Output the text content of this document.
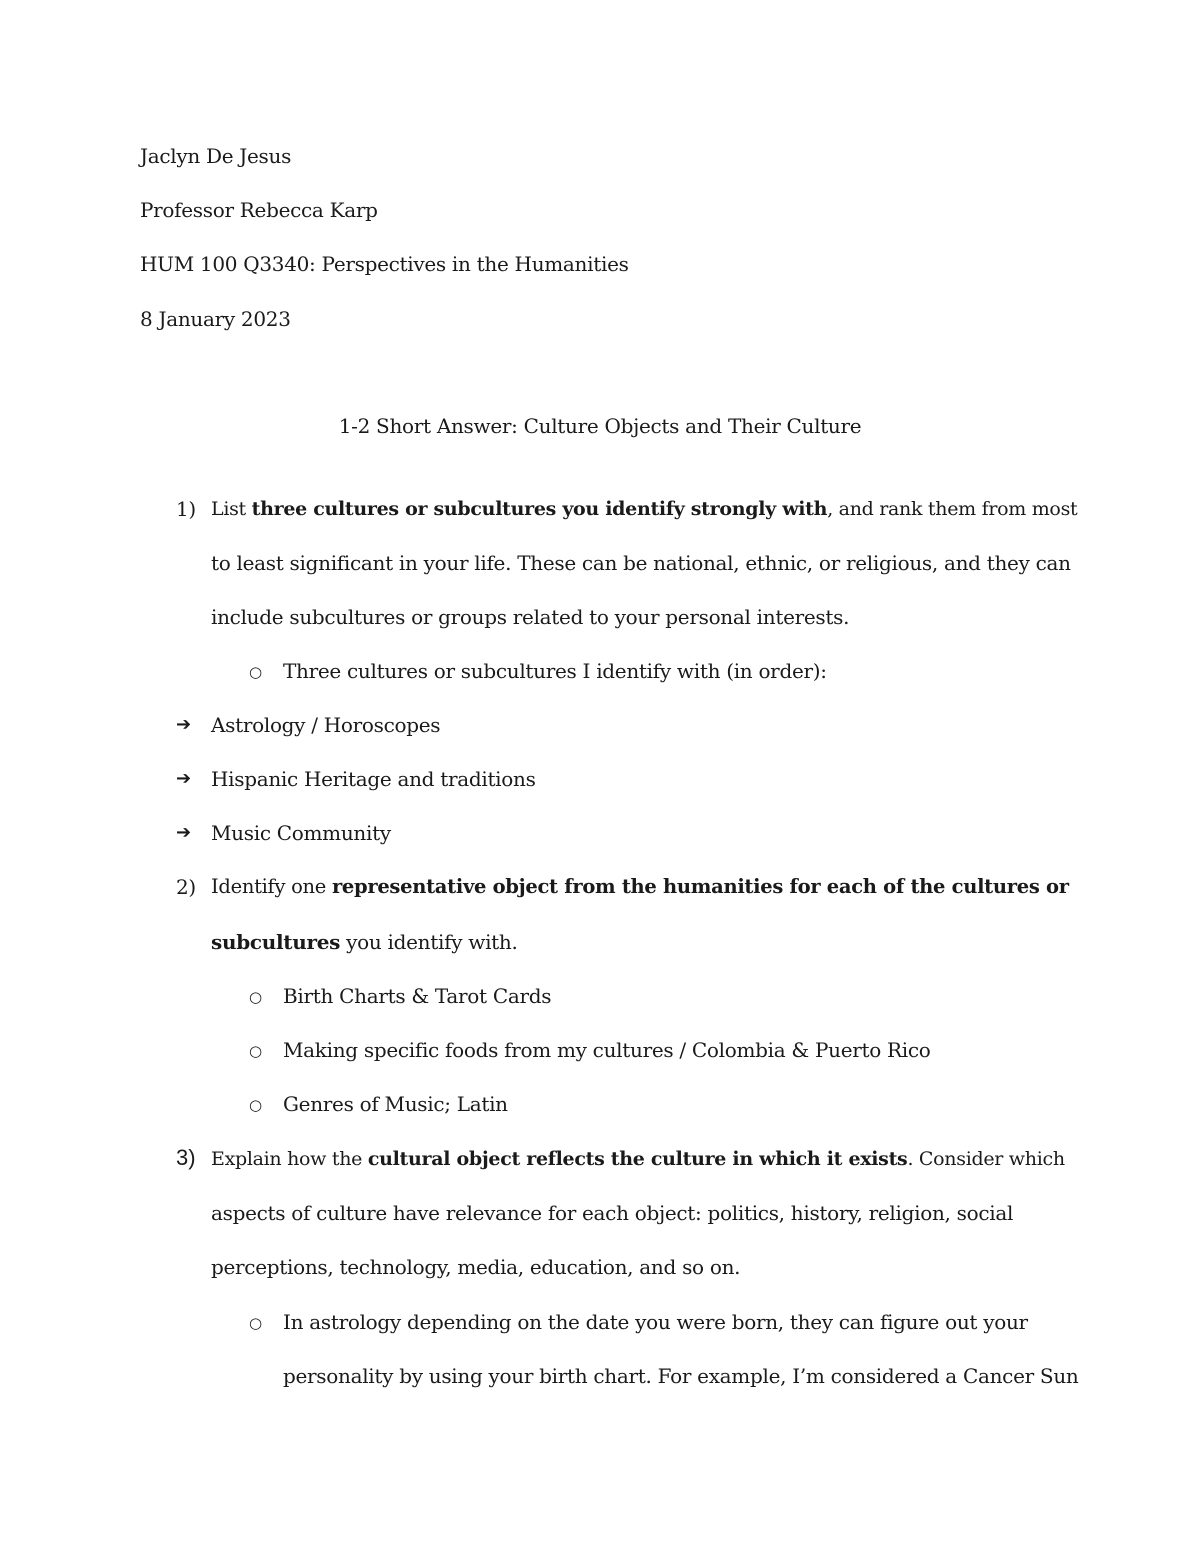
Jaclyn De Jesus
Professor Rebecca Karp
HUM 100 Q3340: Perspectives in the Humanities
8 January 2023
1-2 Short Answer: Culture Objects and Their Culture
1) List three cultures or subcultures you identify strongly with, and rank them from most
to least significant in your life. These can be national, ethnic, or religious, and they can
include subcultures or groups related to your personal interests.
○ Three cultures or subcultures I identify with (in order):
➔ Astrology / Horoscopes
➔ Hispanic Heritage and traditions
➔ Music Community
2) Identify one representative object from the humanities for each of the cultures or
subcultures you identify with.
○ Birth Charts & Tarot Cards
○ Making specific foods from my cultures / Colombia & Puerto Rico
○ Genres of Music; Latin
3) Explain how the cultural object reflects the culture in which it exists. Consider which
aspects of culture have relevance for each object: politics, history, religion, social
perceptions, technology, media, education, and so on.
○ In astrology depending on the date you were born, they can figure out your
personality by using your birth chart. For example, I’m considered a Cancer Sun
